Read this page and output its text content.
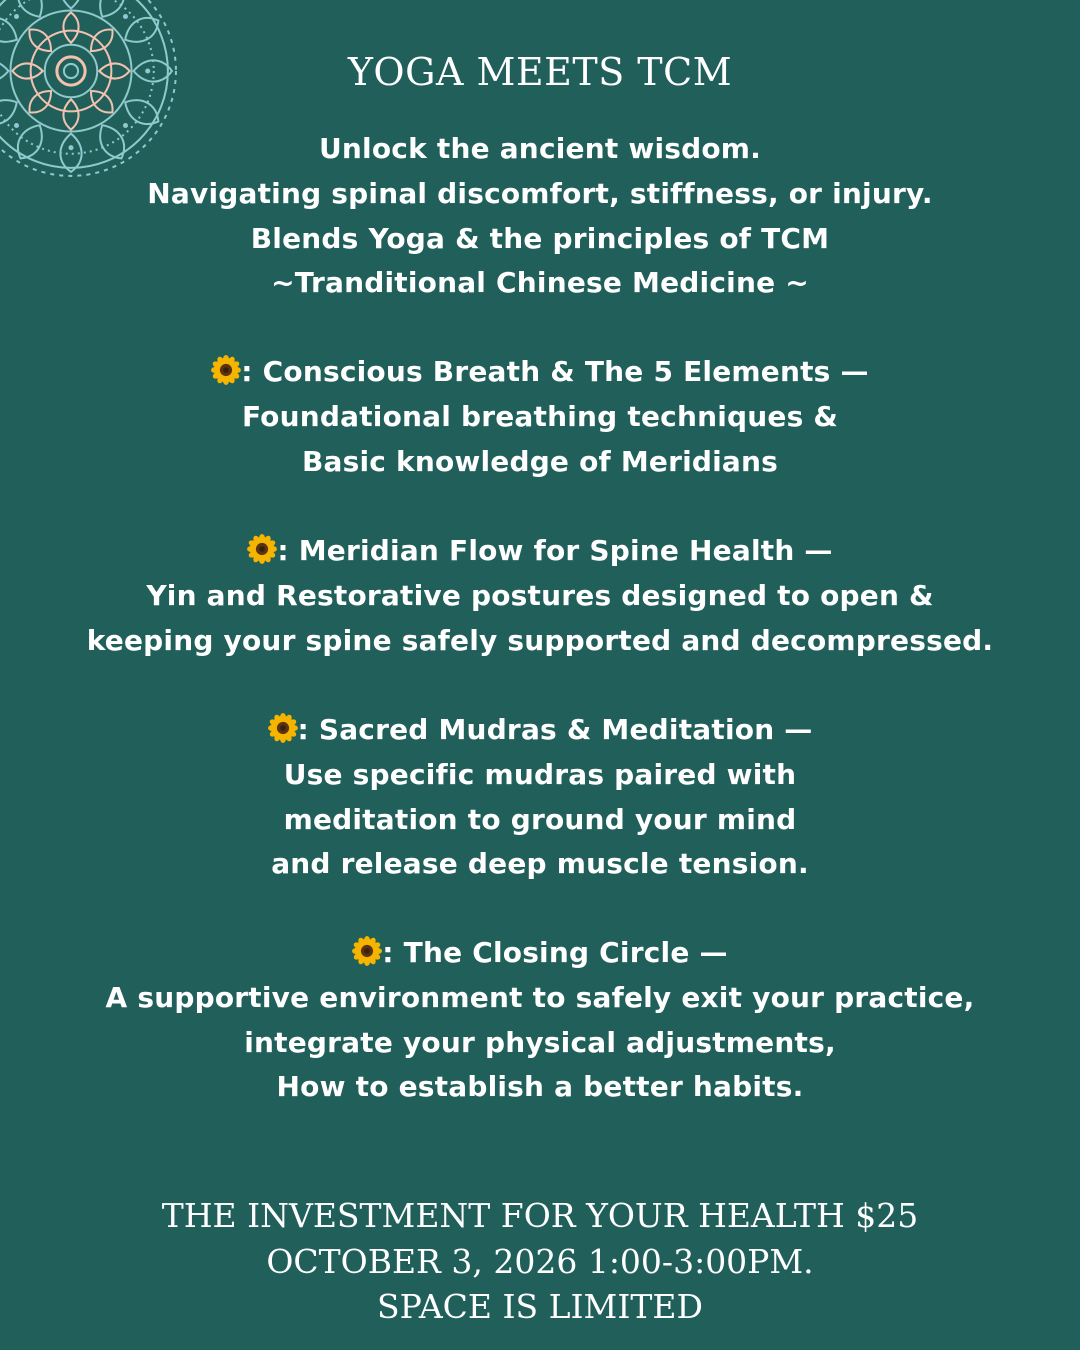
YOGA MEETS TCM
Unlock the ancient wisdom.
Navigating spinal discomfort, stiffness, or injury.
Blends Yoga & the principles of TCM
~Tranditional Chinese Medicine ~
: Conscious Breath & The 5 Elements —
Foundational breathing techniques &
Basic knowledge of Meridians
: Meridian Flow for Spine Health —
Yin and Restorative postures designed to open &
keeping your spine safely supported and decompressed.
: Sacred Mudras & Meditation —
Use specific mudras paired with
meditation to ground your mind
and release deep muscle tension.
: The Closing Circle —
A supportive environment to safely exit your practice,
integrate your physical adjustments,
How to establish a better habits.
THE INVESTMENT FOR YOUR HEALTH $25
OCTOBER 3, 2026 1:00-3:00PM.
SPACE IS LIMITED
